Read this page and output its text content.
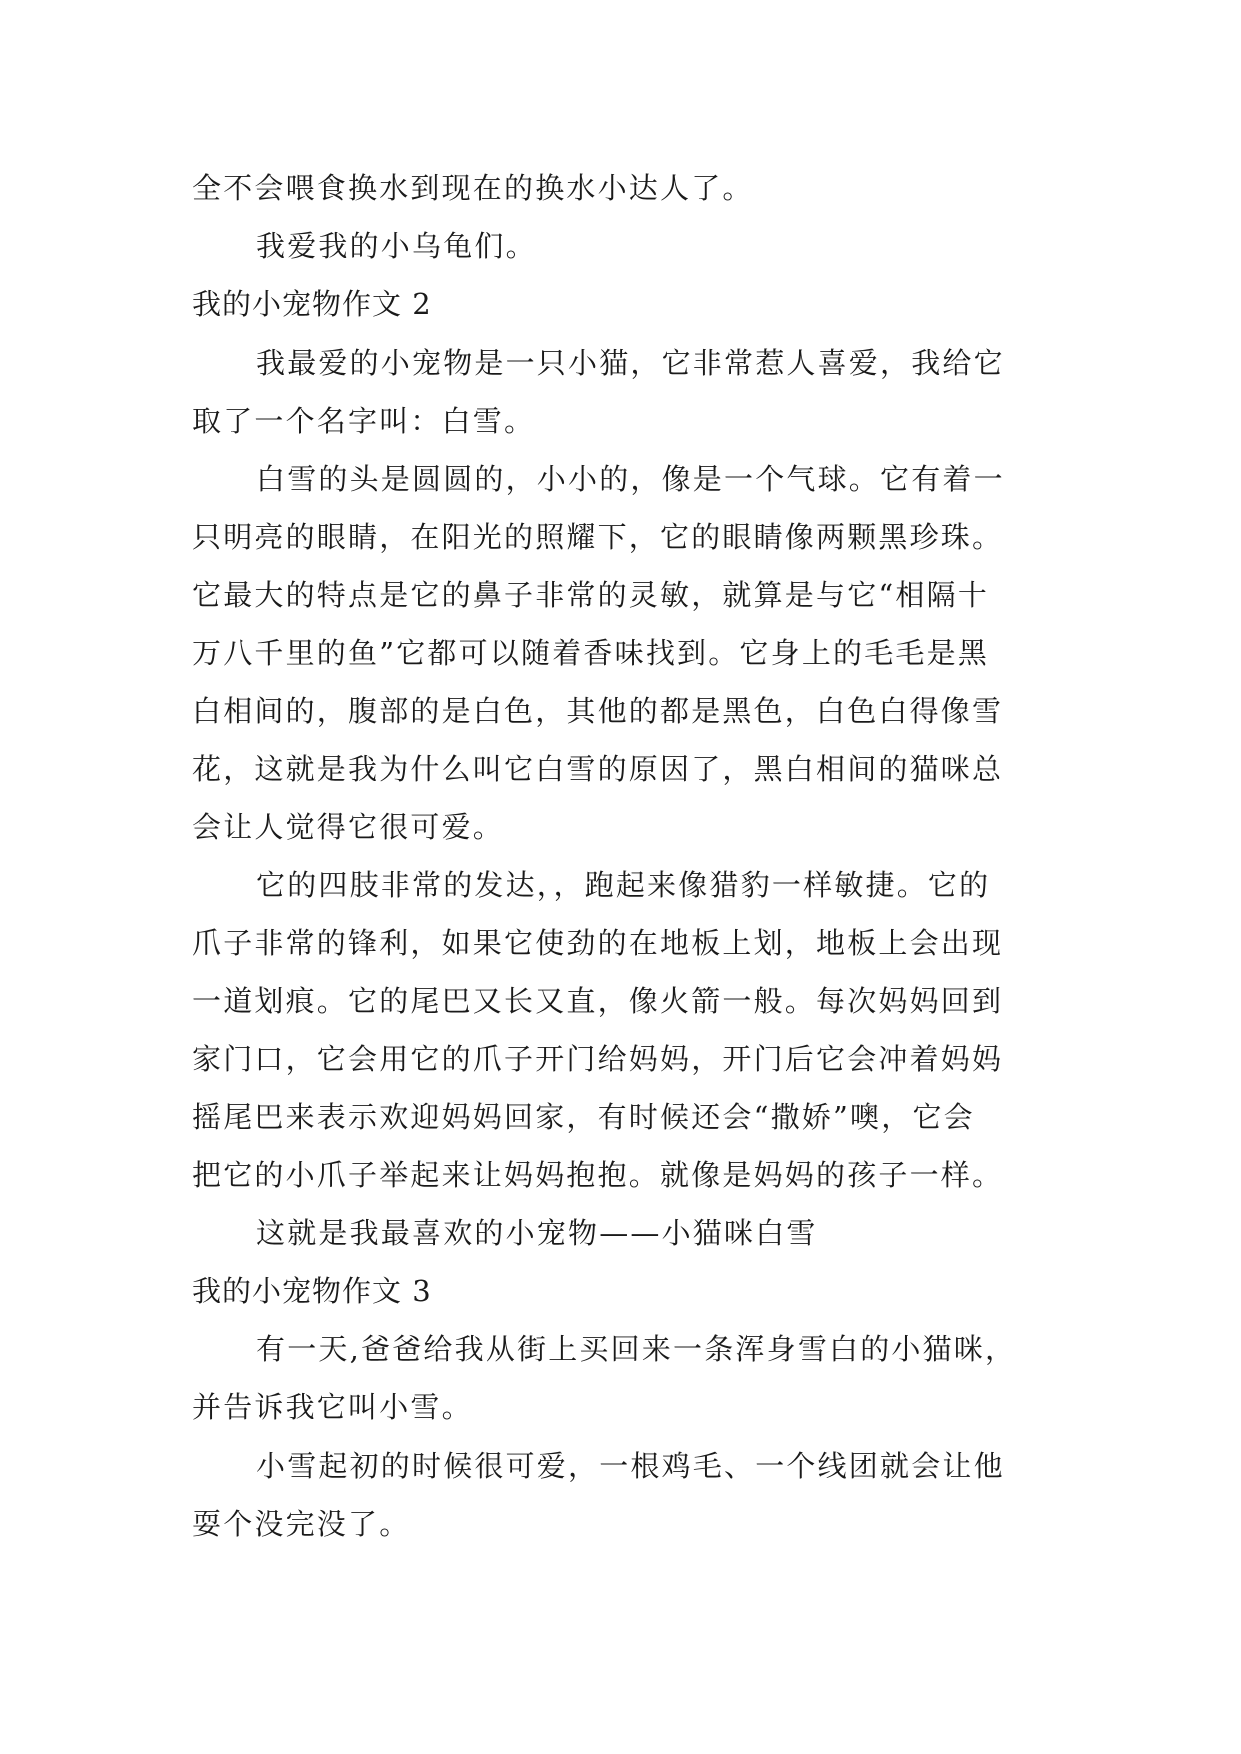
全不会喂食换水到现在的换水小达人了。
我爱我的小乌龟们。
我的小宠物作文 2
我最爱的小宠物是一只小猫，它非常惹人喜爱，我给它
取了一个名字叫：白雪。
白雪的头是圆圆的，小小的，像是一个气球。它有着一
只明亮的眼睛，在阳光的照耀下，它的眼睛像两颗黑珍珠。
它最大的特点是它的鼻子非常的灵敏，就算是与它“相隔十
万八千里的鱼”它都可以随着香味找到。它身上的毛毛是黑
白相间的，腹部的是白色，其他的都是黑色，白色白得像雪
花，这就是我为什么叫它白雪的原因了，黑白相间的猫咪总
会让人觉得它很可爱。
它的四肢非常的发达，，跑起来像猎豹一样敏捷。它的
爪子非常的锋利，如果它使劲的在地板上划，地板上会出现
一道划痕。它的尾巴又长又直，像火箭一般。每次妈妈回到
家门口，它会用它的爪子开门给妈妈，开门后它会冲着妈妈
摇尾巴来表示欢迎妈妈回家，有时候还会“撒娇”噢，它会
把它的小爪子举起来让妈妈抱抱。就像是妈妈的孩子一样。
这就是我最喜欢的小宠物——小猫咪白雪
我的小宠物作文 3
有一天,爸爸给我从街上买回来一条浑身雪白的小猫咪，
并告诉我它叫小雪。
小雪起初的时候很可爱，一根鸡毛、一个线团就会让他
耍个没完没了。
